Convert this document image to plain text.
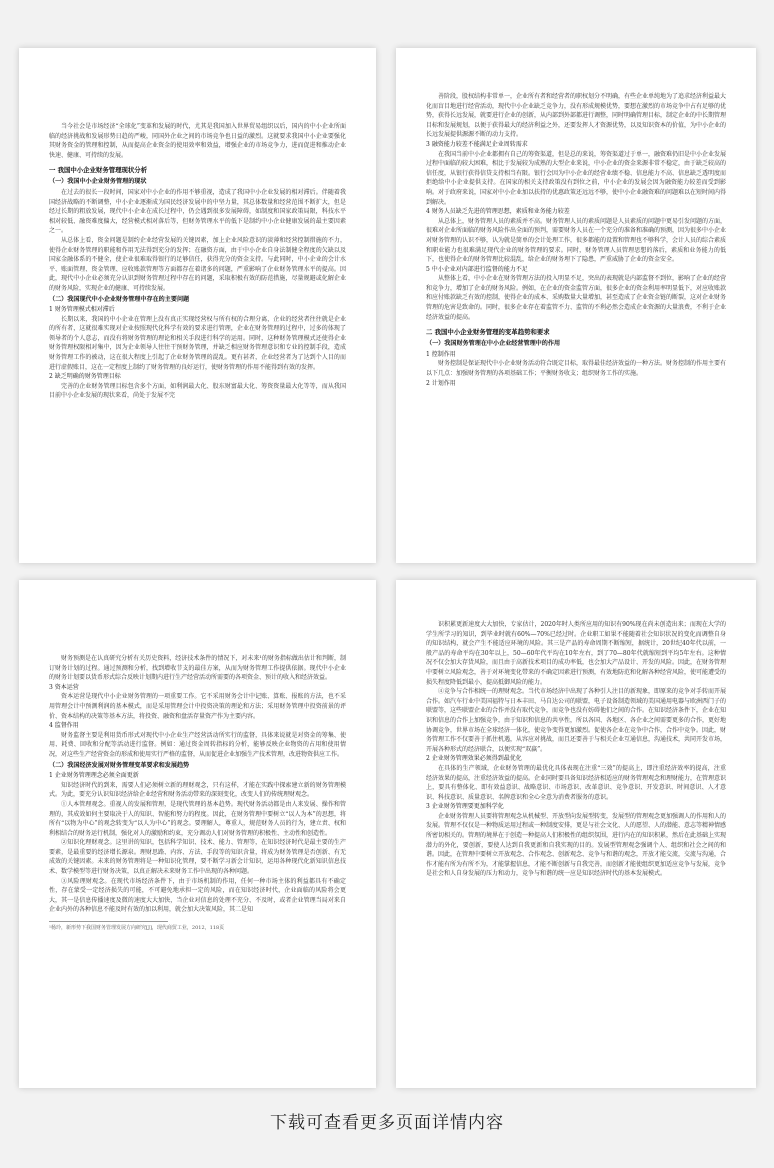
当今社会是市场经济“全球化”变革和发展的时代，尤其是我国加入世界贸易组织以后，国内的中小企业所面临的经济挑战和发展形势日趋的严峻，同国外企业之间的市场竞争也日益的激烈。这就要求我国中小企业要强化其财务资金的管理和控制，从而提高企业资金的使用效率和效益，增强企业的市场竞争力，进而促进和推动企业快速、健康、可持续的发展。

一 我国中小企业财务管理现状分析
（一）我国中小企业财务管理的现状

在过去的很长一段时间，国家对中小企业的作用不够重视，造成了我国中小企业发展的相对滞后。伴随着我国经济战略的不断调整，中小企业逐渐成为国民经济发展中的中坚力量，其总体数量和经营范围不断扩大，但是经过长期的粗放发展，现代中小企业在成长过程中，仍会遇到很多发展障碍，如制度和国家政策局限，科技水平相对较低、融资难度偏大，经营模式相对落后等，但财务管理水平的低下是制约中小企业健康发展的最主要因素之一。

从总体上看，资金问题是制约企业经营发展的关键因素，加上企业风险意识的淡薄和经营控制措施的不力，使得企业财务管理的职能和作用无法得到充分的发挥；在融资方面，由于中小企业自身法制健全程度的欠缺以及国家金融体系的不健全，使企业很难取得银行的足够信任，获得充分的资金支持。与此同时，中小企业的会计水平、账面管理、资金管理、应收账款管理等方面都存在着诸多的问题，严重影响了企业财务管理水平的提高。因此，现代中小企业必须充分认识到财务管理过程中存在的问题，采取积极有效的防范措施，尽量规避或化解企业的财务风险，实现企业的健康、可持续发展。

（二）我国现代中小企业财务管理中存在的主要问题
1 财务管理模式相对滞后

长期以来，我国的中小企业在管理上没有真正实现经营权与所有权的合理分离，企业的经营者往往就是企业的所有者，这就很难实现对企业按照现代化科学有效的要求进行管理，企业在财务管理的过程中，过多的体现了领导者的个人意志，而没有将财务管理的理论和相关手段进行科学的运用。同时，这种财务管理模式还使得企业财务管理权限相对集中，因为企业领导人往往干预财务管理，并缺乏相应财务管理意识和专业的控制手段，造成财务管理工作的被动，这在很大程度上引起了企业财务管理的混乱。更有甚者，企业经营者为了达到个人目的而进行虚假账目，这在一定程度上制约了财务管理的良好运行，使财务管理的作用不能得到有效的发挥。

2 缺乏明确的财务管理目标

完善的企业财务管理目标包含多个方面，如利润最大化、股东财富最大化、筹资资量最大化等等，而从我国目前中小企业发展的现状来看，尚处于发展不完

善阶段，股权结构非常单一，企业所有者和经营者的职权划分不明确，有些企业单纯地为了追求经济利益最大化而盲目地进行经营活动，现代中小企业缺乏竞争力，没有形成规模优势，要想在激烈的市场竞争中占有足够的优势，获得长远发展，就要进行企业的创新，从内部到外部都进行调整，同时明确管理目标，制定企业的中长期管理目标和发展规划，以便于获得最大的经济利益之外，还要发挥人才资源优势，以及知识资本的价值，为中小企业的长远发展提供源源不断的动力支持。

3 融资能力较差不能满足企业周转需求

在我国当前中小企业都拥有自己的筹资渠道，但是总的来说，筹资渠道过于单一，融资难仍旧是中小企业发展过程中面临的较大困难，相比于发展较为成熟的大型企业来说，中小企业的资金来源非常不稳定，由于缺乏较高的信任度，从银行获得信贷支持相当有限。银行会因为中小企业的经营业绩不稳、信息能力不高、信息缺乏透明度而拒绝给中小企业提供支持。在国家的相关支持政策没有到位之前，中小企业的发展会因为融资能力较差而受到影响。对于政府来说，国家对中小企业加以扶持的优惠政策还远远不够，使中小企业融资难的问题难以在短时间内得到解决。

4 财务人员缺乏先进的管理思想，素质和业务能力较差

从总体上，财务管理人员的素质并不高。财务管理人员的素质问题是人员素质的问题中更易引发问题的方面，很难对企业所面临的财务风险作出全面的预判，需要财务人员在一个充分的准备和准确的预测，因为很多中小企业对财务管理的认识不够，认为就是简单的会计处理工作，很多都能的设置和管理也不够科学，会计人员的综合素质和职业能力也很难满足现代企业的财务管理的要求。同时，财务管理人员管理思想的落后，素质和业务能力的低下，也使得企业的财务管理比较混乱，给企业的财务埋下了隐患，严重威胁了企业的资金安全。

5 中小企业对内部进行监督的能力不足

从整体上看，中小企业在财务管理方法的投入明显不足，突出的表现就是内部监督不到位，影响了企业的经营和竞争力，增加了企业的财务风险。例如，在企业的资金监管方面，很多企业的资金利用率明显低下，对应收账款和应付账款缺乏有效的控制，使得企业的成本、采购数量大量增加，甚至造成了企业资金链的断裂，这对企业财务管理的危害是致命的。同时，很多企业存在着监管不力、监管的不利必然会造成企业资源的大量浪费，不利于企业经济效益的提高。

二 我国中小企业财务管理的变革趋势和要求
（一）我国财务管理在中小企业经营管理中的作用
1 控制作用

财务控制是保证现代中小企业财务活动符合既定目标，取得最佳经济效益的一种方法。财务控制的作用主要有以下几点：加强财务管理的各项基础工作；平衡财务收支；组织财务工作的实施。

2 计划作用

财务预测是在认真研究分析有关历史资料，经济技术条件的情况下，对未来¹的财务指标做出估计和判断，制订财务计划的过程。通过预测和分析，找到增收节支的最佳方案，从而为财务管理工作提供依据。现代中小企业的财务计划要以货币形式综合反映计划期内进行生产经营活动所需要的各项资金、预计的收入和经济效益。

3 资本运营

资本运营是现代中小企业财务管理的一项重要工作。它不采用财务会计中记账、算账、报账的方法，也不采用管理会计中预测利润的基本模式，而是采用管理会计中投资决策的理论和方法；采用财务管理中投资前景的评价、资本结构的决策等基本方法，将投资、融资和盘活存量资产作为主要内容。

4 监督作用

财务监督主要是利用货币形式对现代中小企业生产经营活动所实行的监督，具体来说就是对资金的筹集、使用、耗费、回收和分配等活动进行监督。例如：通过资金周转指标的分析，能够反映企业物资的占用和使用情况，对这些生产经营资金的形成和使用实行严格的监督，从而促进企业加强生产技术管理，改进物资供应工作。

（二）我国经济发展对财务管理变革要求和发展趋势
1 企业财务管理理念必须全面更新

知识经济时代的到来，需要人们必须树立新的理财观念，只有这样，才能在实践中探索建立新的财务管理模式。为此，要充分认识知识经济给企业经营和财务活动带来的深刻变化，改变人们的传统理财观念。

①人本管理观念。重视人的发展和管理，是现代管理的基本趋势。现代财务活动都是由人来发展、操作和管理的，其成效如何主要取决于人的知识、智能和努力的程度。因此，在财务管理中要树立“以人为本”的思想，将所有“以物为中心”的观念转变为“以人为中心”的观念。要理解人，尊重人，规范财务人员的行为，建立责、权和利相结合的财务运行机制，强化对人的激励和约束，充分调动人们对财务管理的积极性、主动性和创造性。

②知识化理财观念。这里讲的知识，包括科学知识、技术、能力、管理等，在知识经济时代是最主要的生产要素，是最重要的经济增长源泉。理财思路、内容、方法、手段等的知识含量，将成为财务管理是否创新、有无成效的关键因素。未来的财务管理将是一种知识化管理，要不断学习新会计知识，运用各种现代化新知识信息技术、数学模型等进行财务决策，以真正解决未来财务工作中出现的各种问题。

③风险理财观念。在现代市场经济条件下，由于市场机制的作用，任何一种市场主体的利益都具有不确定性，存在蒙受一定经济损失的可能，不可避免地承担一定的风险，而在知识经济时代，企业面临的风险将会更大，其一是信息传播速度及微的速度大大加快，当企业对信息的处理不充分、不及时，或者企业管理当局对来自企业内外的各种信息不能及时有效的加以利用，就会加大决策风险，其二是知

¹杨玲，新形势下我国财务管理发展方向研究[J]，现代商贸工业，2012，118页

识积累更新速度大大加快，专家估计，2020年时人类所应用的知识有90%现在尚未创造出来；而现在大学的学生所学习的知识，到毕业时就有60%—70%已经过时。企业职工如果不能随着社会知识状况的变化而调整自身的知识结构，就会产生不能适应环境的风险。其三是产品的寿命周期不断缩短，据统计，20世纪40年代以前，一般产品的寿命平均在30年以上，50—60年代平均在10年左右，到了70—80年代就缩短到平均5年左右。这种情况不仅会加大存货风险，而且由于高新技术项目的成功率低，也会加大产品设计、开发的风险。因此，在财务管理中要树立风险观念，善于对环境变化带来的不确定因素进行预测，有效地防范和化解各种经营风险，使可能遭受的损失程度降低到最小，提高抵御风险的能力。

④竞争与合作相统一的理财观念。当代市场经济中出现了各种引人注目的新现象，即原来的竞争对手转而开展合作。如汽车行业中美国福特与日本丰田、马自达公司的联盟，电子设备制造领域的美国通用电器与欧洲西门子的联盟等，这些联盟企业的合作并没有取代竞争，而竞争也没有妨碍他们之间的合作。在知识经济条件下，企业在知识和信息的合作上加强竞争，由于知识和信息的共享性，所以各国、各地区、各企业之间需要更多的合作，更好地协调竞争，世界市场在全球经济一体化，使竞争变得更加激烈。促使各企业在竞争中合作，合作中竞争。因此，财务管理工作不仅要善于抓住机遇，从容应对挑战，而且还要善于与相关企业互通信息，沟通技术，共同开发市场，开展各种形式的经济联合，以便实现“双赢”。

2 企业财务管理效果必须得到最优化

在具体的生产领域，企业财务管理的最优化具体表现在注重“三效”的提高上，即注重经济效率的提高，注重经济效果的提高，注重经济效益的提高。企业同时要具备知识经济相适应的财务管理观念和理财能力，在管理意识上，要具有整体化、即有效益意识、战略意识、市场意识、改革意识、竞争意识、开发意识、时间意识、人才意识、科技意识、质量意识、名牌意识和全心全意为消费者服务的意识。

3 企业财务管理要更加科学化

企业财务管理人员要将管理观念从机械型、开放型向发展型转变，发展型的管理观念更加强调人的作用和人的发展。管理不仅仅是一种物质运用过程或一种制度安排，更是与社会文化、人的愿望、人的潜能、意志等精神情感所密切相关的。管理的境界在于创造一种提高人们积极性的组织氛围，进行内在的知识积累，然后在此基础上实现潜力的外化，要创新，要使人达到自我更新和自我实现的目的。发展型管理观念强调个人、组织和社会之间的和谐。因此，在管理中要树立开放观念、合作观念、创新观念、竞争与和谐的观念，开放才能交流，交流与沟通，合作才能有所为有所不为，才能掌握信息，才能不断创新与自我完善，而创新才能使组织更加适应竞争与发展，竞争是社会和人自身发展的压力和动力，竞争与和谐的统一应是知识经济时代的基本发展模式。

下载可查看更多页面详情内容
